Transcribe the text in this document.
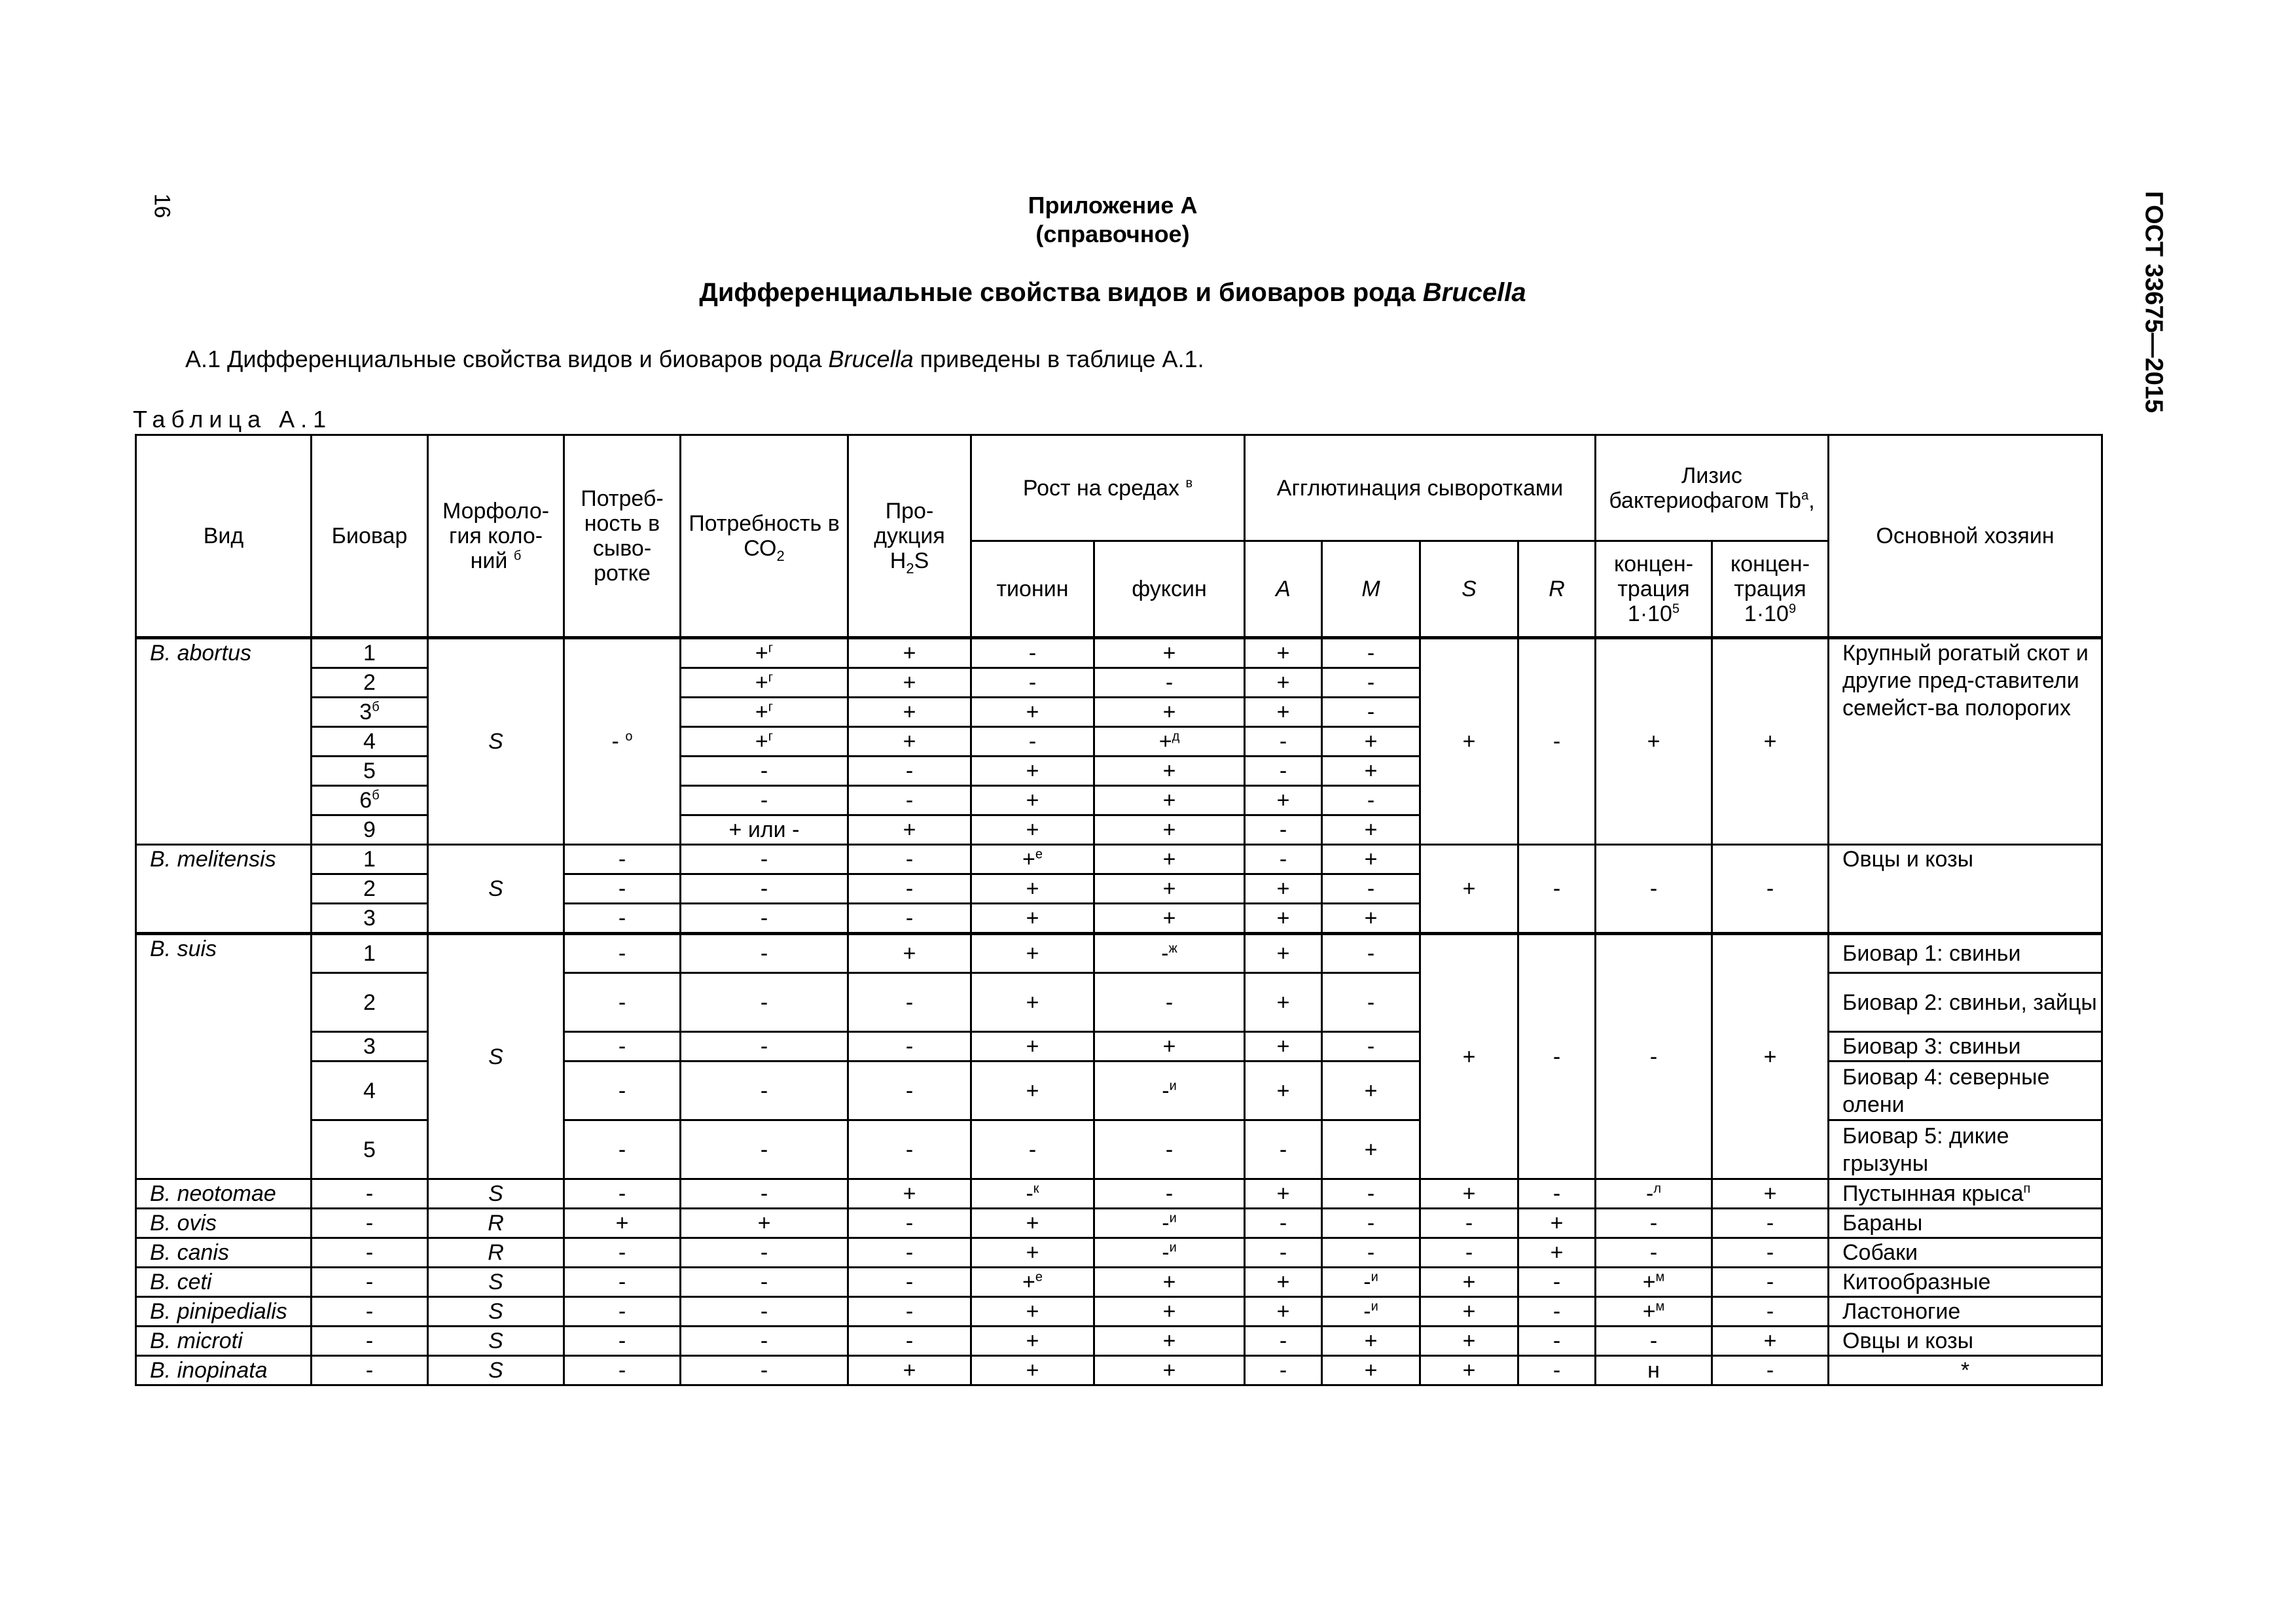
16	ГОСТ 33675—2015
Приложение А
(справочное)
Дифференциальные свойства видов и биоваров рода Brucella
А.1 Дифференциальные свойства видов и биоваров рода Brucella приведены в таблице А.1.
Таблица А.1
Вид	Биовар	Морфоло-гия коло-ний $^б$	Потреб-ность в сыво-ротке	Потребность в $СО_2$	Про-дукция $Н_2S$	Рост на средах $^в$		Агглютинация сыворотками				Лизис бактериофагом $Tb^а$,		Основной хозяин
						тионин	фуксин	A	M	S	R	концен-трация $1\cdot 10^5$	концен-трация $1\cdot 10^9$
B. abortus	1	S	- $^о$	+$^г$	+	-	+	+	-	+	-	+	+	Крупный рогатый скот и другие пред-ставители семейст-ва полорогих
	2			+$^г$	+	-	-	+	-					
	$3^б$			+$^г$	+	+	+	+	-					
	4			+$^г$	+	-	+$^д$	-	+					
	5			-	-	+	+	-	+					
	$6^б$			-	-	+	+	+	-					
	9			+ или -	+	+	+	-	+					
B. melitensis	1	S	-	-	-	+$^е$	+	-	+	+	-	-	-	Овцы и козы
	2		-	-	-	+	+	+	-					
	3		-	-	-	+	+	+	+					
B. suis	1	S	-	-	+	+	-$^ж$	+	-	+	-	-	+	Биовар 1: свиньи
	2		-	-	-	+	-	+	-					Биовар 2: свиньи, зайцы
	3		-	-	-	+	+	+	-					Биовар 3: свиньи
	4		-	-	-	+	-$^и$	+	+					Биовар 4: северные олени
	5		-	-	-	-	-	-	+					Биовар 5: дикие грызуны
B. neotomae	-	S	-	-	+	-$^к$	-	+	-	+	-	-$^л$	+	Пустынная крыса$^п$
B. ovis	-	R	+	+	-	+	-$^и$	-	-	-	+	-	-	Бараны
B. canis	-	R	-	-	-	+	-$^и$	-	-	-	+	-	-	Собаки
B. ceti	-	S	-	-	-	+$^е$	+	+	-$^и$	+	-	+$^м$	-	Китообразные
B. pinipedialis	-	S	-	-	-	+	+	+	-$^и$	+	-	+$^м$	-	Ластоногие
B. microti	-	S	-	-	-	+	+	-	+	+	-	-	+	Овцы и козы
B. inopinata	-	S	-	-	+	+	+	-	+	+	-	н	-	*
